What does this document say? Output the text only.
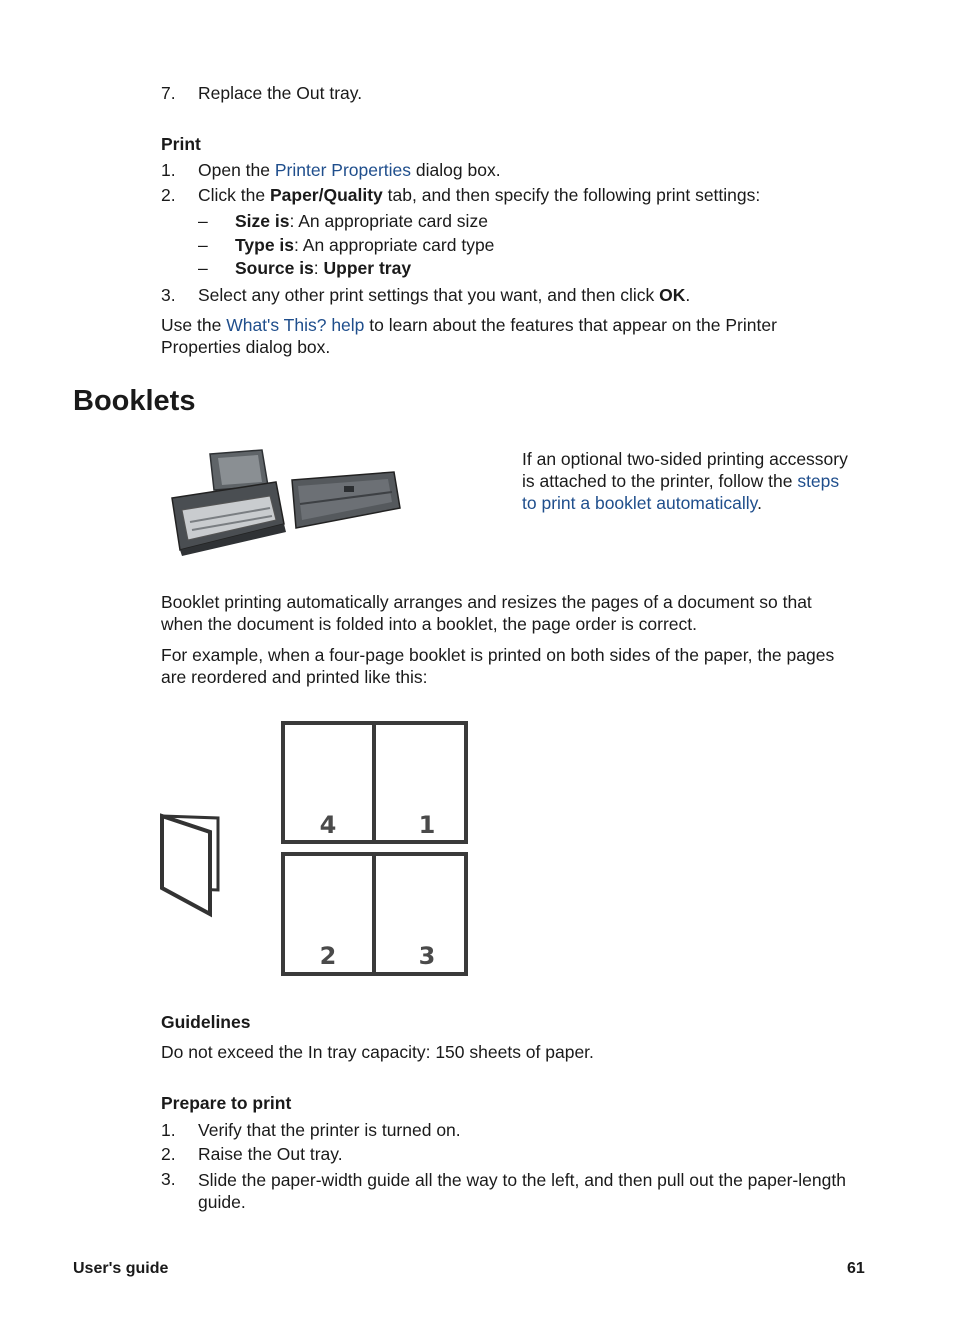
7. Replace the Out tray.
Print
1. Open the Printer Properties dialog box.
2. Click the Paper/Quality tab, and then specify the following print settings:
– Size is: An appropriate card size
– Type is: An appropriate card type
– Source is: Upper tray
3. Select any other print settings that you want, and then click OK.
Use the What's This? help to learn about the features that appear on the Printer
Properties dialog box.
Booklets
If an optional two-sided printing accessory
is attached to the printer, follow the steps
to print a booklet automatically.
Booklet printing automatically arranges and resizes the pages of a document so that
when the document is folded into a booklet, the page order is correct.
For example, when a four-page booklet is printed on both sides of the paper, the pages
are reordered and printed like this:
4	1
2	3
Guidelines
Do not exceed the In tray capacity: 150 sheets of paper.
Prepare to print
1. Verify that the printer is turned on.
2. Raise the Out tray.
3. Slide the paper-width guide all the way to the left, and then pull out the paper-length
guide.
User's guide	61
